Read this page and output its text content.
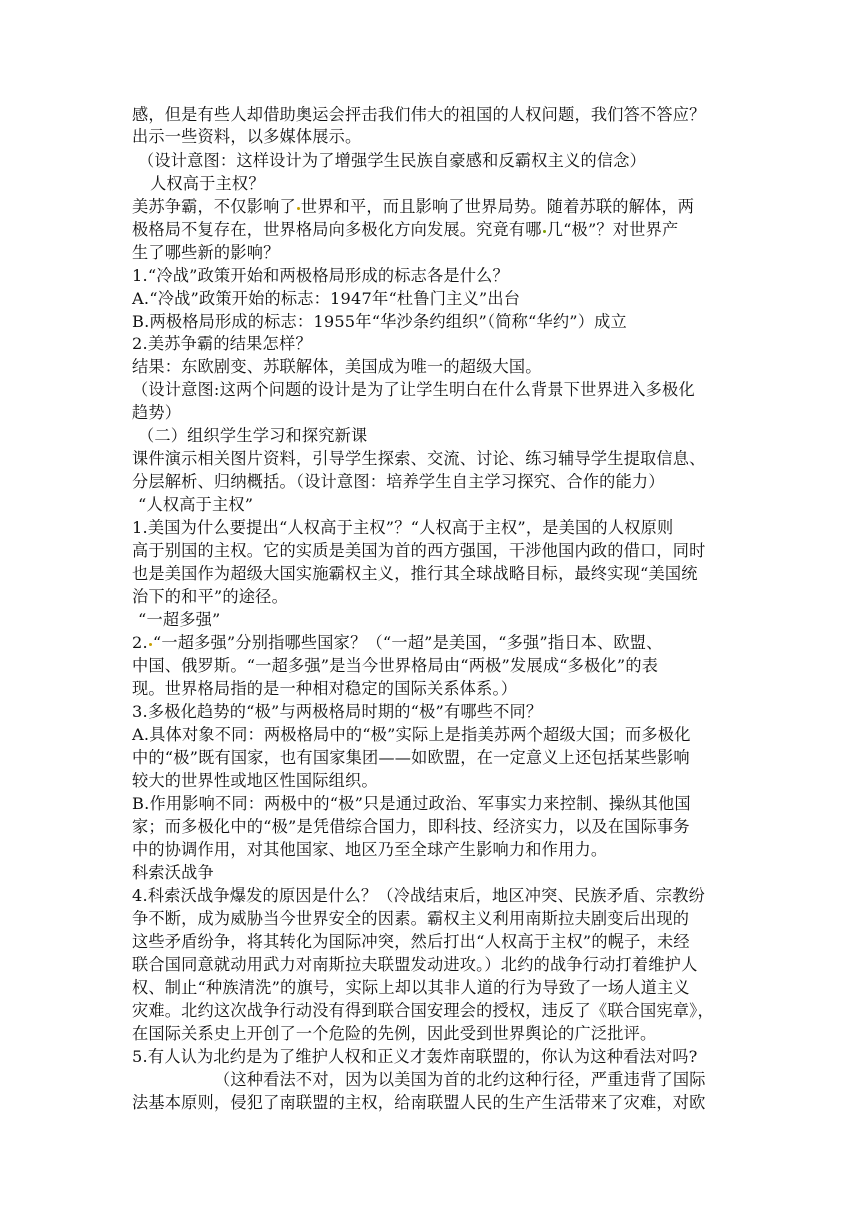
感，但是有些人却借助奥运会抨击我们伟大的祖国的人权问题，我们答不答应？
出示一些资料，以多媒体展示。
（设计意图：这样设计为了增强学生民族自豪感和反霸权主义的信念）
人权高于主权？
美苏争霸，不仅影响了 世界和平，而且影响了世界局势。随着苏联的解体，两
极格局不复存在，世界格局向多极化方向发展。究竟有哪 几“极”？对世界产
生了哪些新的影响？
1.“冷战”政策开始和两极格局形成的标志各是什么？
A.“冷战”政策开始的标志：1947年“杜鲁门主义”出台
B.两极格局形成的标志：1955年“华沙条约组织”（简称“华约”）成立
2.美苏争霸的结果怎样？
结果：东欧剧变、苏联解体，美国成为唯一的超级大国。
（设计意图:这两个问题的设计是为了让学生明白在什么背景下世界进入多极化
趋势）
（二）组织学生学习和探究新课
课件演示相关图片资料，引导学生探索、交流、讨论、练习辅导学生提取信息、
分层解析、归纳概括。（设计意图：培养学生自主学习探究、合作的能力）
“人权高于主权”
1.美国为什么要提出“人权高于主权”？“人权高于主权”，是美国的人权原则
高于别国的主权。它的实质是美国为首的西方强国，干涉他国内政的借口，同时
也是美国作为超级大国实施霸权主义，推行其全球战略目标，最终实现“美国统
治下的和平”的途径。
“一超多强”
2. “一超多强”分别指哪些国家？（“一超”是美国，“多强”指日本、欧盟、
中国、俄罗斯。“一超多强”是当今世界格局由“两极”发展成“多极化”的表
现。世界格局指的是一种相对稳定的国际关系体系。）
3.多极化趋势的“极”与两极格局时期的“极”有哪些不同？
A.具体对象不同：两极格局中的“极”实际上是指美苏两个超级大国；而多极化
中的“极”既有国家，也有国家集团——如欧盟，在一定意义上还包括某些影响
较大的世界性或地区性国际组织。
B.作用影响不同：两极中的“极”只是通过政治、军事实力来控制、操纵其他国
家；而多极化中的“极”是凭借综合国力，即科技、经济实力，以及在国际事务
中的协调作用，对其他国家、地区乃至全球产生影响力和作用力。
科索沃战争
4.科索沃战争爆发的原因是什么？（冷战结束后，地区冲突、民族矛盾、宗教纷
争不断，成为威胁当今世界安全的因素。霸权主义利用南斯拉夫剧变后出现的
这些矛盾纷争，将其转化为国际冲突，然后打出“人权高于主权”的幌子，未经
联合国同意就动用武力对南斯拉夫联盟发动进攻。）北约的战争行动打着维护人
权、制止“种族清洗”的旗号，实际上却以其非人道的行为导致了一场人道主义
灾难。北约这次战争行动没有得到联合国安理会的授权，违反了《联合国宪章》，
在国际关系史上开创了一个危险的先例，因此受到世界舆论的广泛批评。
5.有人认为北约是为了维护人权和正义才轰炸南联盟的，你认为这种看法对吗?
（这种看法不对，因为以美国为首的北约这种行径，严重违背了国际
法基本原则，侵犯了南联盟的主权，给南联盟人民的生产生活带来了灾难，对欧
